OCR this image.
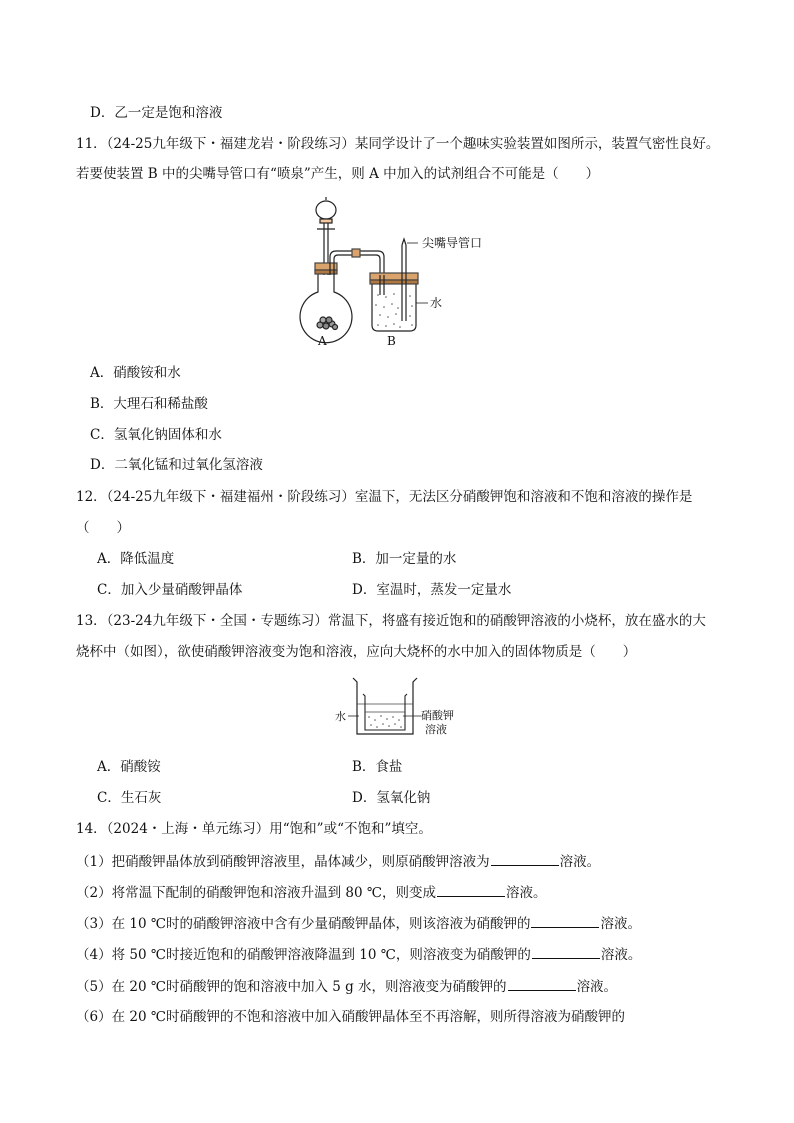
D．乙一定是饱和溶液
11．（24-25九年级下・福建龙岩・阶段练习）某同学设计了一个趣味实验装置如图所示，装置气密性良好。
若要使装置 B 中的尖嘴导管口有“喷泉”产生，则 A 中加入的试剂组合不可能是（　　）
尖嘴导管口
水
A	B
A．硝酸铵和水
B．大理石和稀盐酸
C．氢氧化钠固体和水
D．二氧化锰和过氧化氢溶液
12．（24-25九年级下・福建福州・阶段练习）室温下，无法区分硝酸钾饱和溶液和不饱和溶液的操作是
（　　）
A．降低温度	B．加一定量的水
C．加入少量硝酸钾晶体	D．室温时，蒸发一定量水
13．（23-24九年级下・全国・专题练习）常温下，将盛有接近饱和的硝酸钾溶液的小烧杯，放在盛水的大
烧杯中（如图），欲使硝酸钾溶液变为饱和溶液，应向大烧杯的水中加入的固体物质是（　　）
水	硝酸钾
溶液
A．硝酸铵	B．食盐
C．生石灰	D．氢氧化钠
14．（2024・上海・单元练习）用“饱和”或“不饱和”填空。
（1）把硝酸钾晶体放到硝酸钾溶液里，晶体减少，则原硝酸钾溶液为	溶液。
（2）将常温下配制的硝酸钾饱和溶液升温到 80 ℃，则变成	溶液。
（3）在 10 ℃时的硝酸钾溶液中含有少量硝酸钾晶体，则该溶液为硝酸钾的	溶液。
（4）将 50 ℃时接近饱和的硝酸钾溶液降温到 10 ℃，则溶液变为硝酸钾的	溶液。
（5）在 20 ℃时硝酸钾的饱和溶液中加入 5 g 水，则溶液变为硝酸钾的	溶液。
（6）在 20 ℃时硝酸钾的不饱和溶液中加入硝酸钾晶体至不再溶解，则所得溶液为硝酸钾的
